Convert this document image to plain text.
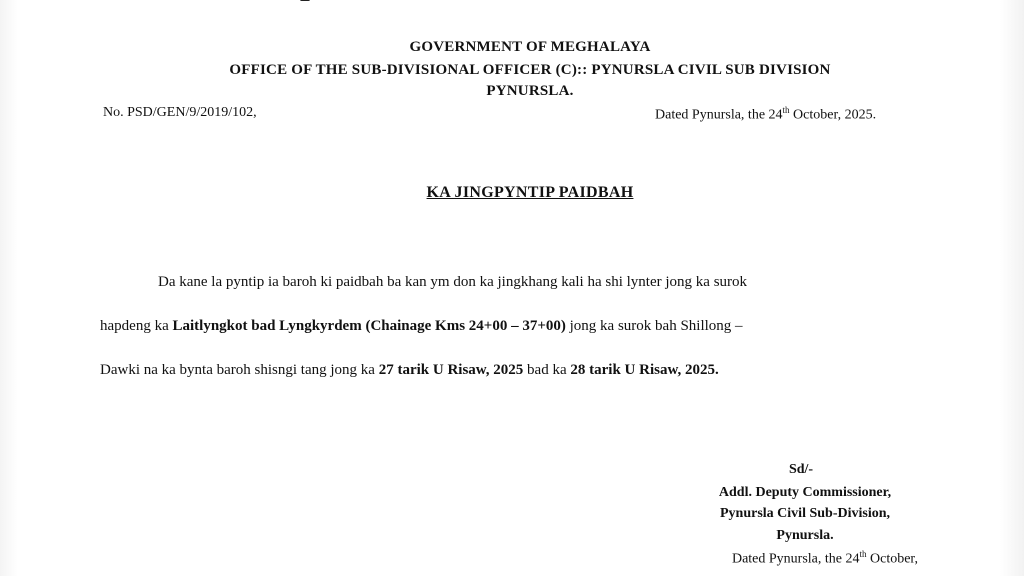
GOVERNMENT OF MEGHALAYA
OFFICE OF THE SUB-DIVISIONAL OFFICER (C):: PYNURSLA CIVIL SUB DIVISION
PYNURSLA.
No. PSD/GEN/9/2019/102,	Dated Pynursla, the 24th October, 2025.
KA JINGPYNTIP PAIDBAH
Da kane la pyntip ia baroh ki paidbah ba kan ym don ka jingkhang kali ha shi lynter jong ka surok
hapdeng ka Laitlyngkot bad Lyngkyrdem (Chainage Kms 24+00 – 37+00) jong ka surok bah Shillong –
Dawki na ka bynta baroh shisngi tang jong ka 27 tarik U Risaw, 2025 bad ka 28 tarik U Risaw, 2025.
Sd/-
Addl. Deputy Commissioner,
Pynursla Civil Sub-Division,
Pynursla.
Dated Pynursla, the 24th October,
